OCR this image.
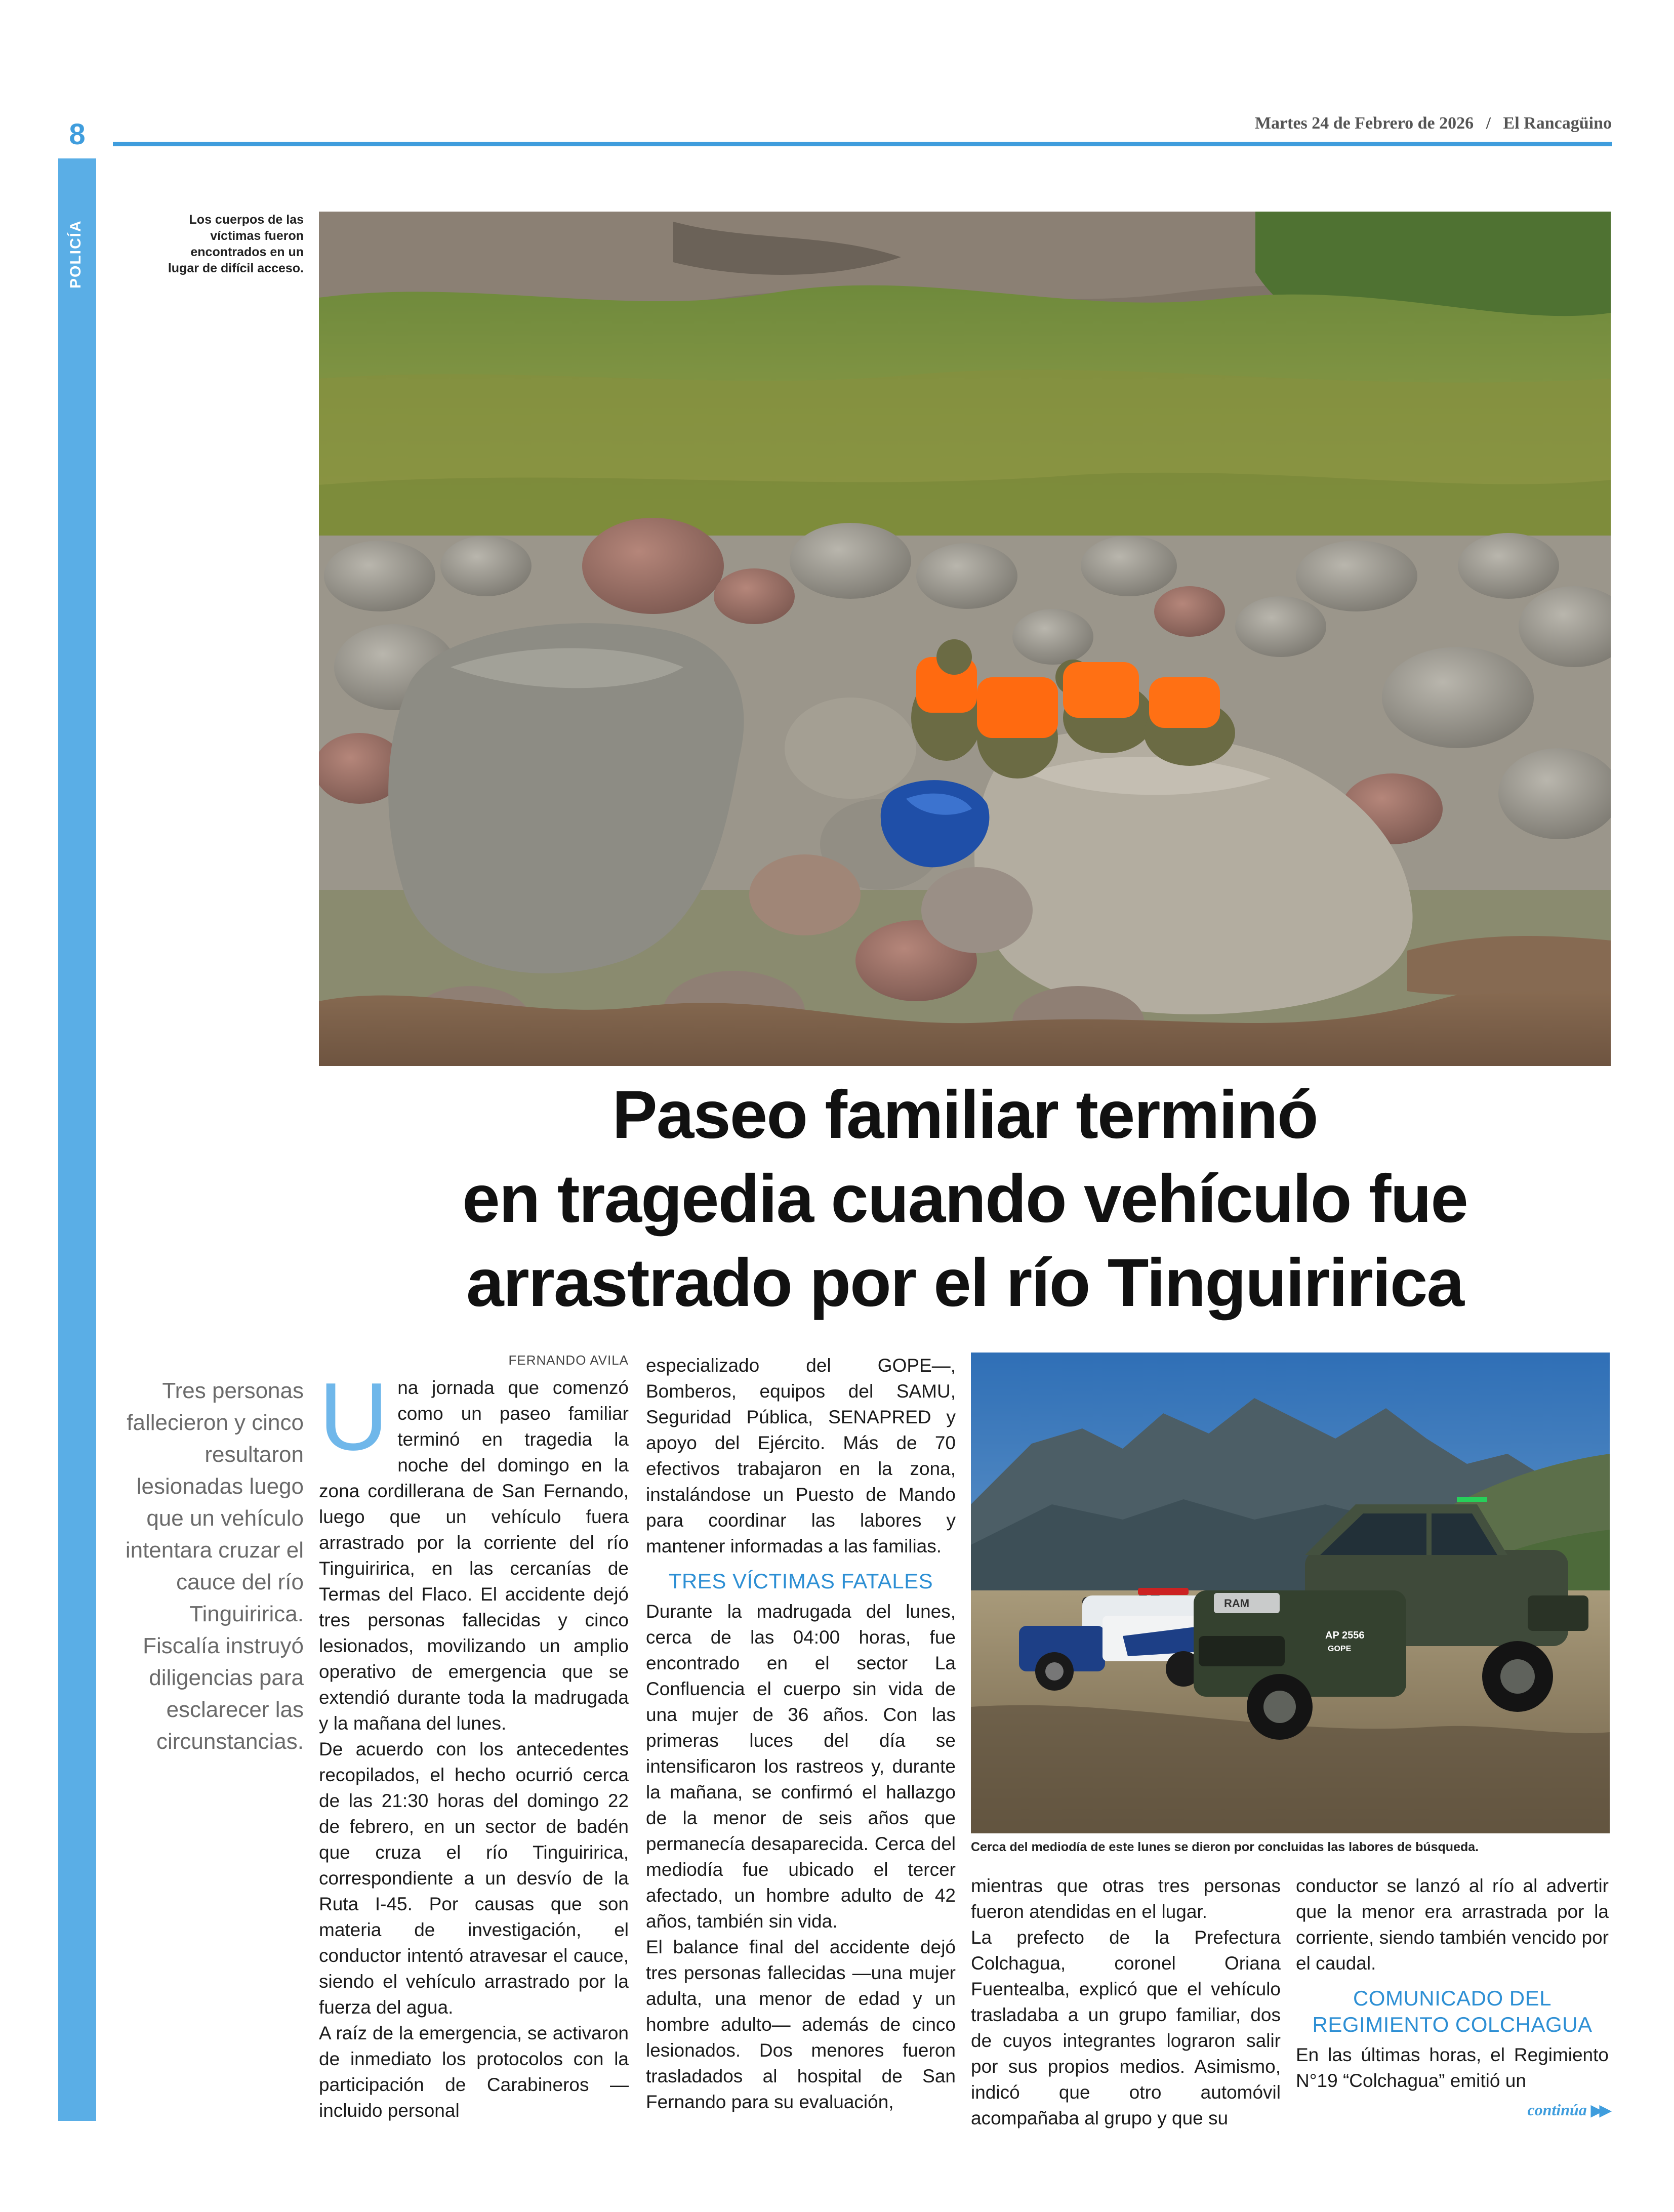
8
POLICÍA
Martes 24 de Febrero de 2026 / El Rancagüino
Los cuerpos de las víctimas fueron encontrados en un lugar de difícil acceso.
Paseo familiar terminó
en tragedia cuando vehículo fue
arrastrado por el río Tinguiririca
Tres personas fallecieron y cinco resultaron lesionadas luego que un vehículo intentara cruzar el cauce del río Tinguiririca. Fiscalía instruyó diligencias para esclarecer las circunstancias.
FERNANDO AVILA

Una jornada que comenzó como un paseo familiar terminó en tragedia la noche del domingo en la zona cordillerana de San Fernando, luego que un vehículo fuera arrastrado por la corriente del río Tinguiririca, en las cercanías de Termas del Flaco. El accidente dejó tres personas fallecidas y cinco lesionados, movilizando un amplio operativo de emergencia que se extendió durante toda la madrugada y la mañana del lunes.

De acuerdo con los antecedentes recopilados, el hecho ocurrió cerca de las 21:30 horas del domingo 22 de febrero, en un sector de badén que cruza el río Tinguiririca, correspondiente a un desvío de la Ruta I-45. Por causas que son materia de investigación, el conductor intentó atravesar el cauce, siendo el vehículo arrastrado por la fuerza del agua.

A raíz de la emergencia, se activaron de inmediato los protocolos con la participación de Carabineros —incluido personal

especializado del GOPE—, Bomberos, equipos del SAMU, Seguridad Pública, SENAPRED y apoyo del Ejército. Más de 70 efectivos trabajaron en la zona, instalándose un Puesto de Mando para coordinar las labores y mantener informadas a las familias.

TRES VÍCTIMAS FATALES

Durante la madrugada del lunes, cerca de las 04:00 horas, fue encontrado en el sector La Confluencia el cuerpo sin vida de una mujer de 36 años. Con las primeras luces del día se intensificaron los rastreos y, durante la mañana, se confirmó el hallazgo de la menor de seis años que permanecía desaparecida. Cerca del mediodía fue ubicado el tercer afectado, un hombre adulto de 42 años, también sin vida.

El balance final del accidente dejó tres personas fallecidas —una mujer adulta, una menor de edad y un hombre adulto— además de cinco lesionados. Dos menores fueron trasladados al hospital de San Fernando para su evaluación,

AP 2556
GOPE
RAM
Cerca del mediodía de este lunes se dieron por concluidas las labores de búsqueda.

mientras que otras tres personas fueron atendidas en el lugar.

La prefecto de la Prefectura Colchagua, coronel Oriana Fuentealba, explicó que el vehículo trasladaba a un grupo familiar, dos de cuyos integrantes lograron salir por sus propios medios. Asimismo, indicó que otro automóvil acompañaba al grupo y que su

conductor se lanzó al río al advertir que la menor era arrastrada por la corriente, siendo también vencido por el caudal.

COMUNICADO DEL REGIMIENTO COLCHAGUA

En las últimas horas, el Regimiento N°19 “Colchagua” emitió un

continúa ▶▶
